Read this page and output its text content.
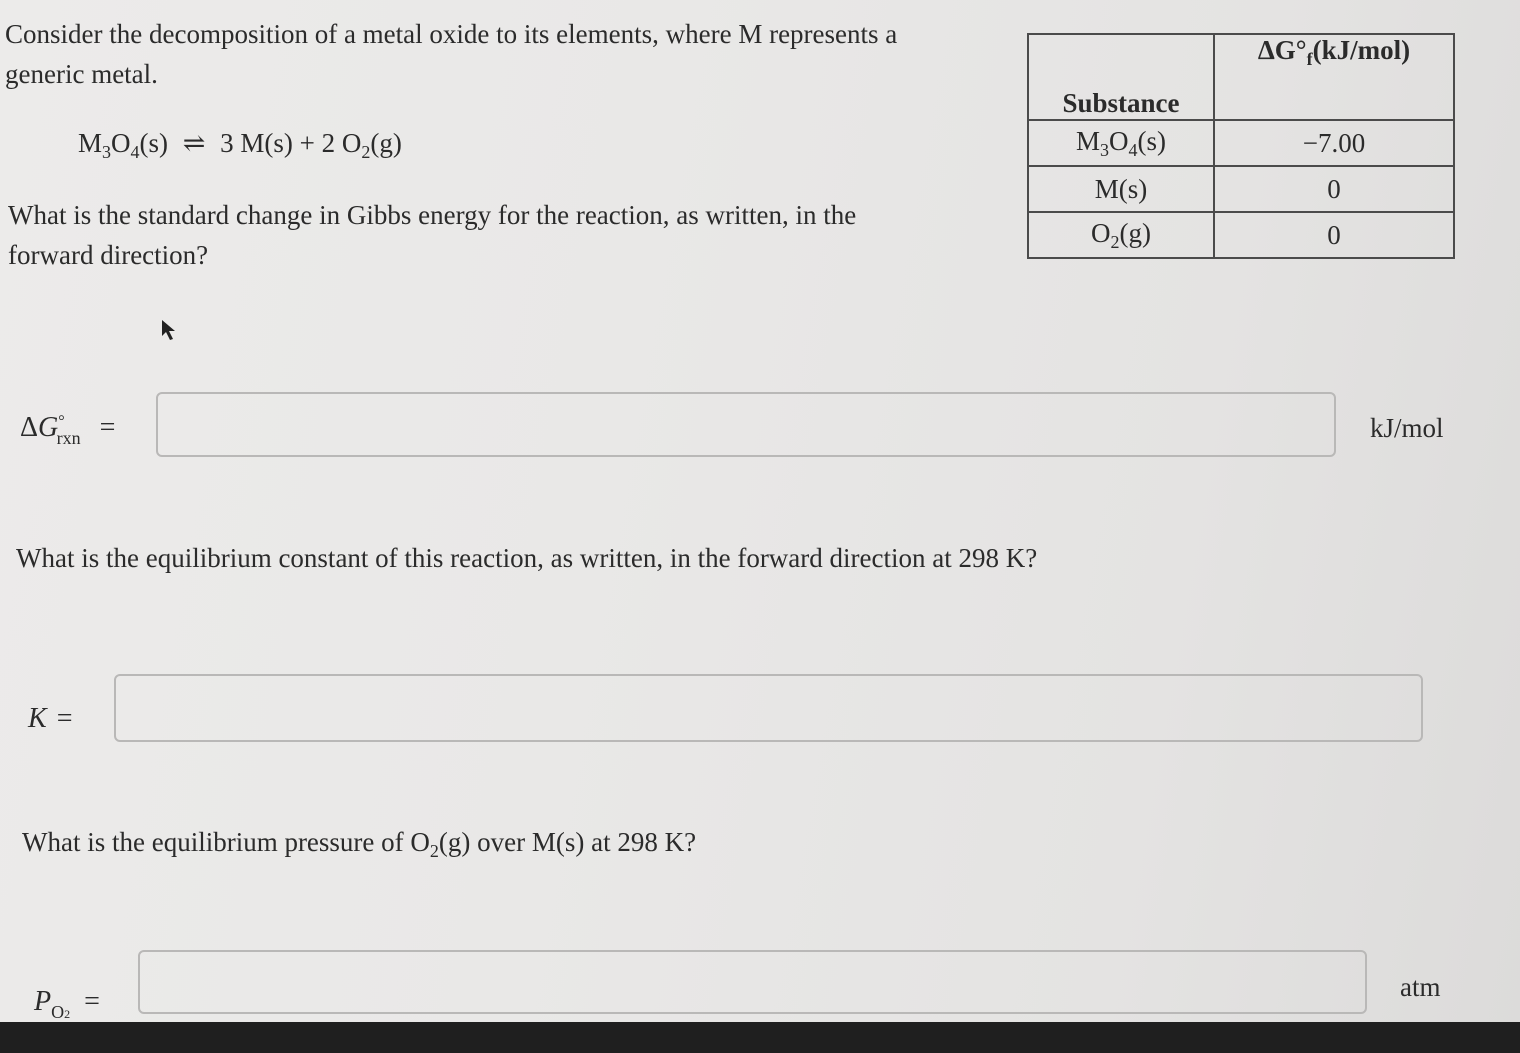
Consider the decomposition of a metal oxide to its elements, where M represents a generic metal.
$M_3O_4(s)$ ⇌ 3 M(s) + 2 $O_2(g)$
What is the standard change in Gibbs energy for the reaction, as written, in the forward direction?
Substance	$\Delta G^\circ_f(kJ/mol)$
$M_3O_4(s)$	−7.00
M(s)	0
$O_2(g)$	0
$\Delta G^\circ_{rxn}$ =	kJ/mol
What is the equilibrium constant of this reaction, as written, in the forward direction at 298 K?
K =
What is the equilibrium pressure of $O_2(g)$ over M(s) at 298 K?
$P_{O2}$ =	atm
